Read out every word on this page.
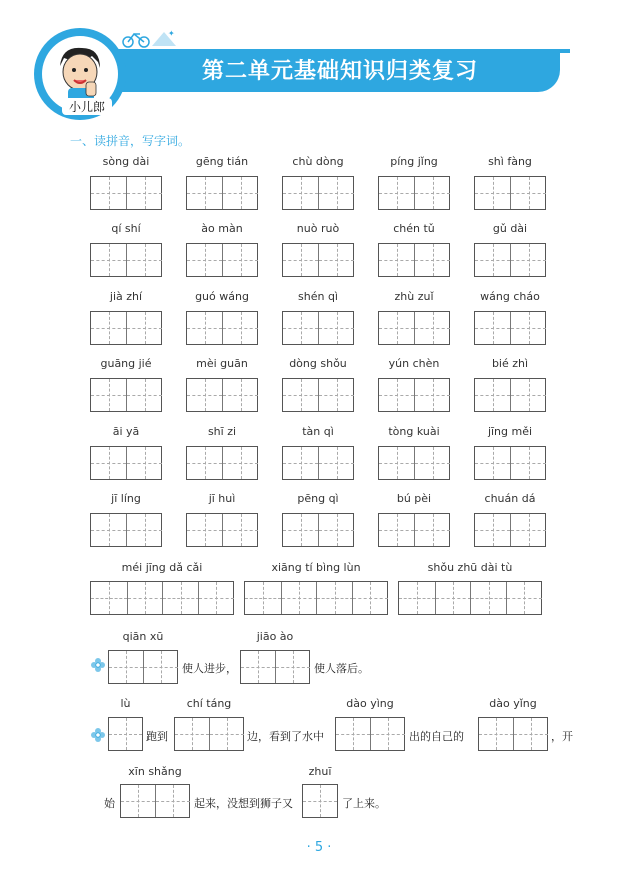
✦
第二单元基础知识归类复习
小儿郎
一、读拼音，写字词。
sòng dài	gēng tián	chù dòng	píng jǐng	shì fàng
qí shí	ào màn	nuò ruò	chén tǔ	gǔ dài
jià zhí	guó wáng	shén qì	zhù zuǐ	wáng cháo
guāng jié	mèi guān	dòng shǒu	yún chèn	bié zhì
āi yā	shī zi	tàn qì	tòng kuài	jīng měi
jī líng	jī huì	pēng qì	bú pèi	chuán dá
méi jīng dǎ cǎi	xiāng tí bìng lùn	shǒu zhū dài tù
qiān xū	jiāo ào
使人进步，	使人落后。
lù	chí táng	dào yìng	dào yǐng
跑到	边，看到了水中	出的自己的	，开
xīn shǎng	zhuī
始	起来，没想到狮子又	了上来。
· 5 ·
